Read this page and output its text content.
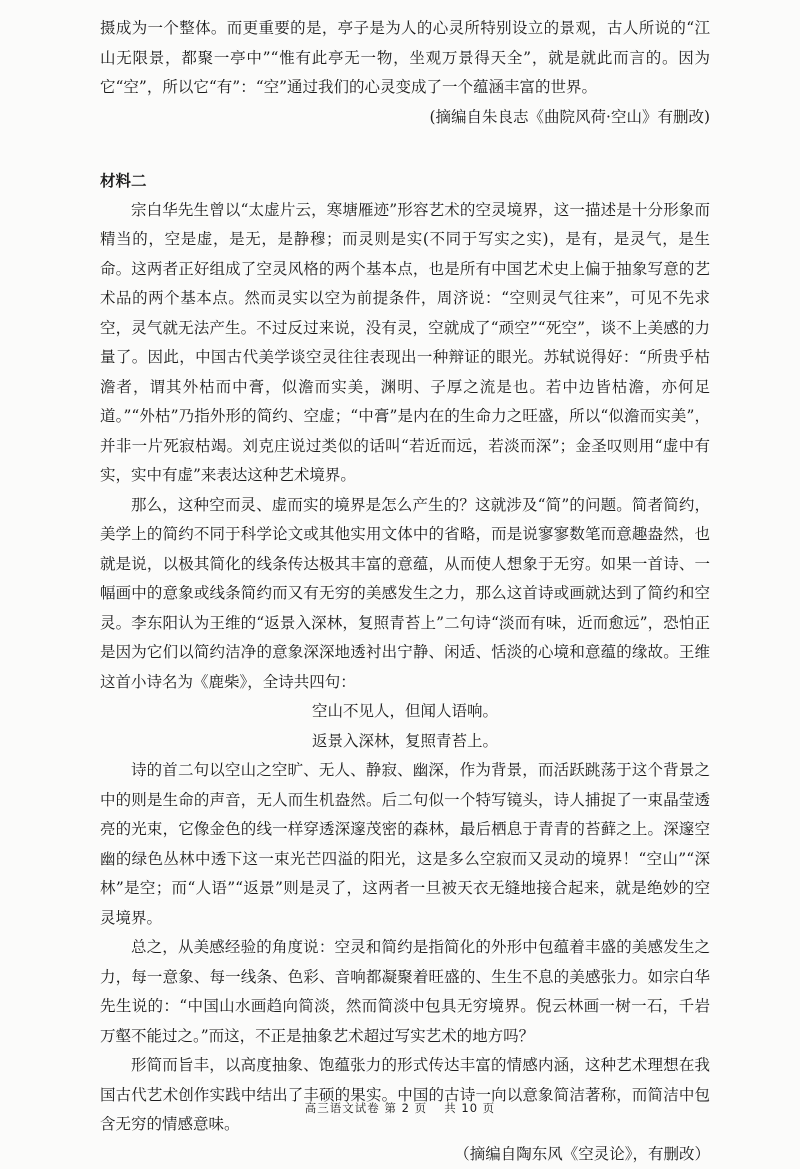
摄成为一个整体。而更重要的是，亭子是为人的心灵所特别设立的景观，古人所说的“江山无限景，都聚一亭中”“惟有此亭无一物，坐观万景得天全”，就是就此而言的。因为它“空”，所以它“有”：“空”通过我们的心灵变成了一个蕴涵丰富的世界。

(摘编自朱良志《曲院风荷·空山》有删改)

材料二

宗白华先生曾以“太虚片云，寒塘雁迹”形容艺术的空灵境界，这一描述是十分形象而精当的，空是虚，是无，是静穆；而灵则是实(不同于写实之实)，是有，是灵气，是生命。这两者正好组成了空灵风格的两个基本点，也是所有中国艺术史上偏于抽象写意的艺术品的两个基本点。然而灵实以空为前提条件，周济说：“空则灵气往来”，可见不先求空，灵气就无法产生。不过反过来说，没有灵，空就成了“顽空”“死空”，谈不上美感的力量了。因此，中国古代美学谈空灵往往表现出一种辩证的眼光。苏轼说得好：“所贵乎枯澹者，谓其外枯而中膏，似澹而实美，渊明、子厚之流是也。若中边皆枯澹，亦何足道。”“外枯”乃指外形的简约、空虚；“中膏”是内在的生命力之旺盛，所以“似澹而实美”，并非一片死寂枯竭。刘克庄说过类似的话叫“若近而远，若淡而深”；金圣叹则用“虚中有实，实中有虚”来表达这种艺术境界。

那么，这种空而灵、虚而实的境界是怎么产生的？这就涉及“简”的问题。简者简约，美学上的简约不同于科学论文或其他实用文体中的省略，而是说寥寥数笔而意趣盎然，也就是说，以极其简化的线条传达极其丰富的意蕴，从而使人想象于无穷。如果一首诗、一幅画中的意象或线条简约而又有无穷的美感发生之力，那么这首诗或画就达到了简约和空灵。李东阳认为王维的“返景入深林，复照青苔上”二句诗“淡而有味，近而愈远”，恐怕正是因为它们以简约洁净的意象深深地透衬出宁静、闲适、恬淡的心境和意蕴的缘故。王维这首小诗名为《鹿柴》，全诗共四句：

空山不见人，但闻人语响。

返景入深林，复照青苔上。

诗的首二句以空山之空旷、无人、静寂、幽深，作为背景，而活跃跳荡于这个背景之中的则是生命的声音，无人而生机盎然。后二句似一个特写镜头，诗人捕捉了一束晶莹透亮的光束，它像金色的线一样穿透深邃茂密的森林，最后栖息于青青的苔藓之上。深邃空幽的绿色丛林中透下这一束光芒四溢的阳光，这是多么空寂而又灵动的境界！“空山”“深林”是空；而“人语”“返景”则是灵了，这两者一旦被天衣无缝地接合起来，就是绝妙的空灵境界。

总之，从美感经验的角度说：空灵和简约是指简化的外形中包蕴着丰盛的美感发生之力，每一意象、每一线条、色彩、音响都凝聚着旺盛的、生生不息的美感张力。如宗白华先生说的：“中国山水画趋向简淡，然而简淡中包具无穷境界。倪云林画一树一石，千岩万壑不能过之。”而这，不正是抽象艺术超过写实艺术的地方吗？

形简而旨丰，以高度抽象、饱蕴张力的形式传达丰富的情感内涵，这种艺术理想在我国古代艺术创作实践中结出了丰硕的果实。中国的古诗一向以意象简洁著称，而简洁中包含无穷的情感意味。

（摘编自陶东风《空灵论》，有删改）

高三语文试卷 第 2 页　 共 10 页
